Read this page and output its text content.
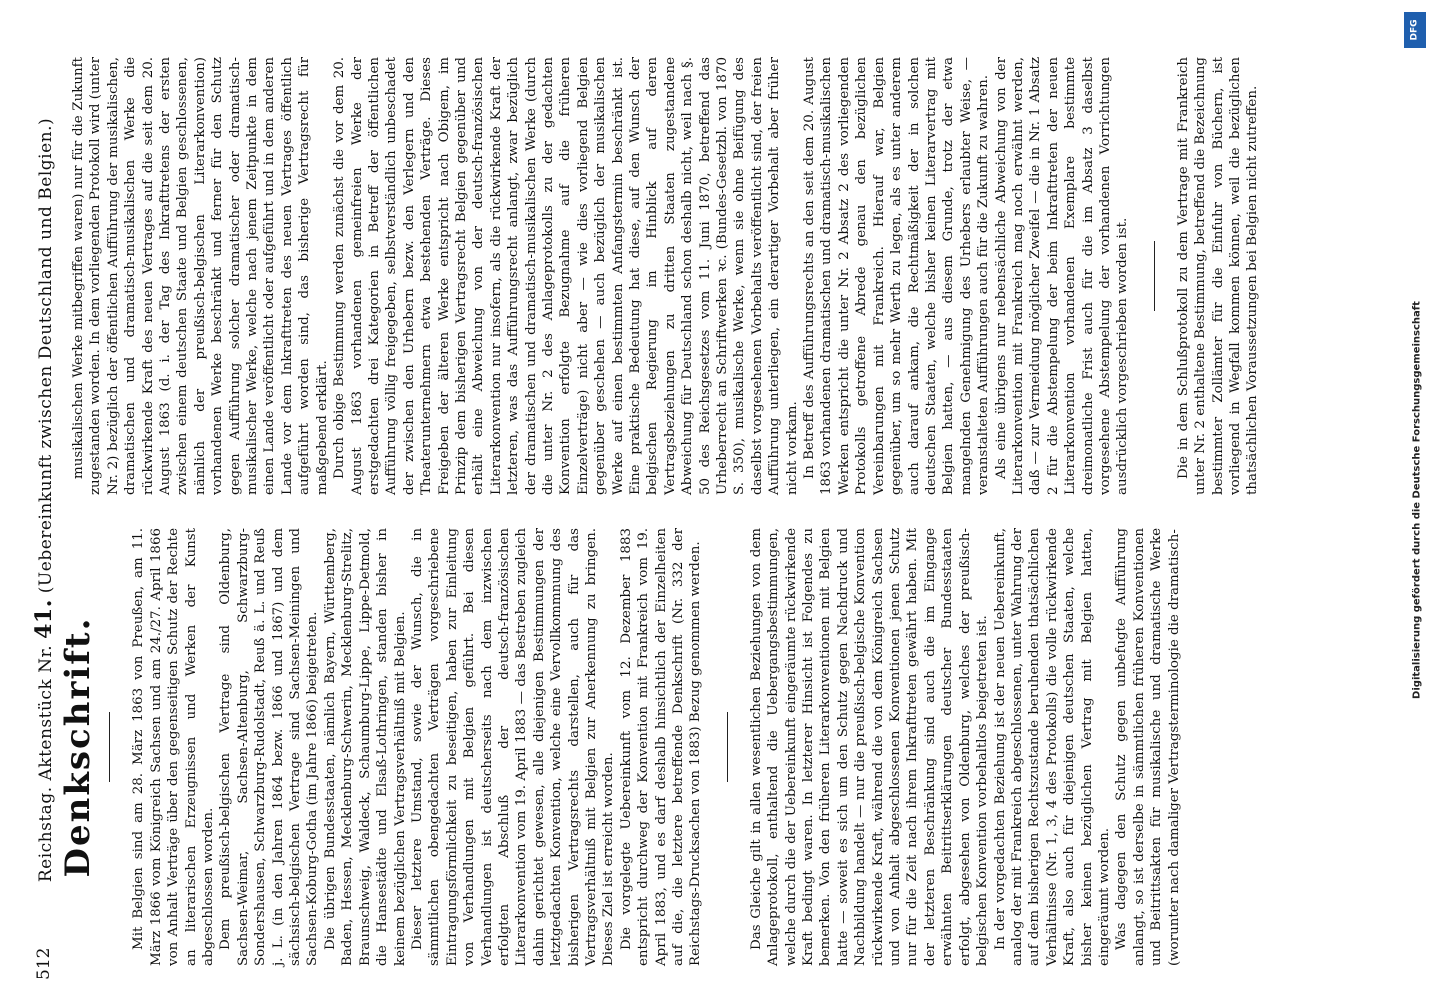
512
Reichstag. Aktenstück Nr. 41. (Uebereinkunft zwischen Deutschland und Belgien.)

Denkschrift. Mit Belgien sind am 28. März 1863 von Preußen, am 11. März 1866 vom Königreich Sachsen und am 24./27. April 1866 von Anhalt Verträge über den gegenseitigen Schutz der Rechte an literarischen Erzeugnissen und Werken der Kunst abgeschlossen worden. Dem preußisch-belgischen Vertrage sind Oldenburg, Sachsen-Weimar, Sachsen-Altenburg, Schwarzburg-Sondershausen, Schwarzburg-Rudolstadt, Reuß ä. L. und Reuß j. L. (in den Jahren 1864 bezw. 1866 und 1867) und dem sächsisch-belgischen Vertrage sind Sachsen-Meiningen und Sachsen-Koburg-Gotha (im Jahre 1866) beigetreten. Die übrigen Bundesstaaten, nämlich Bayern, Württemberg, Baden, Hessen, Mecklenburg-Schwerin, Mecklenburg-Strelitz, Braunschweig, Waldeck, Schaumburg-Lippe, Lippe-Detmold, die Hansestädte und Elsaß-Lothringen, standen bisher in keinem bezüglichen Vertragsverhältniß mit Belgien. Dieser letztere Umstand, sowie der Wunsch, die in sämmtlichen obengedachten Verträgen vorgeschriebene Eintragungsförmlichkeit zu beseitigen, haben zur Einleitung von Verhandlungen mit Belgien geführt. Bei diesen Verhandlungen ist deutscherseits nach dem inzwischen erfolgten Abschluß der deutsch-französischen Literarkonvention vom 19. April 1883 — das Bestreben zugleich dahin gerichtet gewesen, alle diejenigen Bestimmungen der letztgedachten Konvention, welche eine Vervollkommnung des bisherigen Vertragsrechts darstellen, auch für das Vertragsverhältniß mit Belgien zur Anerkennung zu bringen. Dieses Ziel ist erreicht worden. Die vorgelegte Uebereinkunft vom 12. Dezember 1883 entspricht durchweg der Konvention mit Frankreich vom 19. April 1883, und es darf deshalb hinsichtlich der Einzelheiten auf die, die letztere betreffende Denkschrift (Nr. 332 der Reichstags-Drucksachen von 1883) Bezug genommen werden.	Das Gleiche gilt in allen wesentlichen Beziehungen von dem Anlageprotokoll, enthaltend die Uebergangsbestimmungen, welche durch die der Uebereinkunft eingeräumte rückwirkende Kraft bedingt waren. In letzterer Hinsicht ist Folgendes zu bemerken. Von den früheren Literarkonventionen mit Belgien hatte — soweit es sich um den Schutz gegen Nachdruck und Nachbildung handelt — nur die preußisch-belgische Konvention rückwirkende Kraft, während die von dem Königreich Sachsen und von Anhalt abgeschlossenen Konventionen jenen Schutz nur für die Zeit nach ihrem Inkrafttreten gewährt haben. Mit der letzteren Beschränkung sind auch die im Eingange erwähnten Beitrittserklärungen deutscher Bundesstaaten erfolgt, abgesehen von Oldenburg, welches der preußisch-belgischen Konvention vorbehaltlos beigetreten ist. In der vorgedachten Beziehung ist der neuen Uebereinkunft, analog der mit Frankreich abgeschlossenen, unter Wahrung der auf dem bisherigen Rechtszustande beruhenden thatsächlichen Verhältnisse (Nr. 1, 3, 4 des Protokolls) die volle rückwirkende Kraft, also auch für diejenigen deutschen Staaten, welche bisher keinen bezüglichen Vertrag mit Belgien hatten, eingeräumt worden. Was dagegen den Schutz gegen unbefugte Aufführung anlangt, so ist derselbe in sämmtlichen früheren Konventionen und Beitrittsakten für musikalische und dramatische Werke (worunter nach damaliger Vertragsterminologie die dramatisch-

musikalischen Werke mitbegriffen waren) nur für die Zukunft zugestanden worden. In dem vorliegenden Protokoll wird (unter Nr. 2) bezüglich der öffentlichen Aufführung der musikalischen, dramatischen und dramatisch-musikalischen Werke die rückwirkende Kraft des neuen Vertrages auf die seit dem 20. August 1863 (d. i. der Tag des Inkrafttretens der ersten zwischen einem deutschen Staate und Belgien geschlossenen, nämlich der preußisch-belgischen Literarkonvention) vorhandenen Werke beschränkt und ferner für den Schutz gegen Aufführung solcher dramatischer oder dramatisch-musikalischer Werke, welche nach jenem Zeitpunkte in dem einen Lande veröffentlicht oder aufgeführt und in dem anderen Lande vor dem Inkrafttreten des neuen Vertrages öffentlich aufgeführt worden sind, das bisherige Vertragsrecht für maßgebend erklärt. Durch obige Bestimmung werden zunächst die vor dem 20. August 1863 vorhandenen gemeinfreien Werke der erstgedachten drei Kategorien in Betreff der öffentlichen Aufführung völlig freigegeben, selbstverständlich unbeschadet der zwischen den Urhebern bezw. den Verlegern und den Theaterunternehmern etwa bestehenden Verträge. Dieses Freigeben der älteren Werke entspricht nach Obigem, im Prinzip dem bisherigen Vertragsrecht Belgien gegenüber und erhält eine Abweichung von der deutsch-französischen Literarkonvention nur insofern, als die rückwirkende Kraft der letzteren, was das Aufführungsrecht anlangt, zwar bezüglich der dramatischen und dramatisch-musikalischen Werke (durch die unter Nr. 2 des Anlageprotokolls zu der gedachten Konvention erfolgte Bezugnahme auf die früheren Einzelverträge) nicht aber — wie dies vorliegend Belgien gegenüber geschehen — auch bezüglich der musikalischen Werke auf einen bestimmten Anfangstermin beschränkt ist. Eine praktische Bedeutung hat diese, auf den Wunsch der belgischen Regierung im Hinblick auf deren Vertragsbeziehungen zu dritten Staaten zugestandene Abweichung für Deutschland schon deshalb nicht, weil nach §. 50 des Reichsgesetzes vom 11. Juni 1870, betreffend das Urheberrecht an Schriftwerken ꝛc. (Bundes-Gesetzbl. von 1870 S. 350), musikalische Werke, wenn sie ohne Beifügung des daselbst vorgesehenen Vorbehalts veröffentlicht sind, der freien Aufführung unterliegen, ein derartiger Vorbehalt aber früher nicht vorkam. In Betreff des Aufführungsrechts an den seit dem 20. August 1863 vorhandenen dramatischen und dramatisch-musikalischen Werken entspricht die unter Nr. 2 Absatz 2 des vorliegenden Protokolls getroffene Abrede genau den bezüglichen Vereinbarungen mit Frankreich. Hierauf war, Belgien gegenüber, um so mehr Werth zu legen, als es unter anderem auch darauf ankam, die Rechtmäßigkeit der in solchen deutschen Staaten, welche bisher keinen Literarvertrag mit Belgien hatten, — aus diesem Grunde, trotz der etwa mangelnden Genehmigung des Urhebers erlaubter Weise, — veranstalteten Aufführungen auch für die Zukunft zu wahren. Als eine übrigens nur nebensächliche Abweichung von der Literarkonvention mit Frankreich mag noch erwähnt werden, daß — zur Vermeidung möglicher Zweifel — die in Nr. 1 Absatz 2 für die Abstempelung der beim Inkrafttreten der neuen Literarkonvention vorhandenen Exemplare bestimmte dreimonatliche Frist auch für die im Absatz 3 daselbst vorgesehene Abstempelung der vorhandenen Vorrichtungen ausdrücklich vorgeschrieben worden ist.	Die in dem Schlußprotokoll zu dem Vertrage mit Frankreich unter Nr. 2 enthaltene Bestimmung, betreffend die Bezeichnung bestimmter Zollämter für die Einfuhr von Büchern, ist vorliegend in Wegfall kommen können, weil die bezüglichen thatsächlichen Voraussetzungen bei Belgien nicht zutreffen.

DFG
Digitalisierung gefördert durch die Deutsche Forschungsgemeinschaft
